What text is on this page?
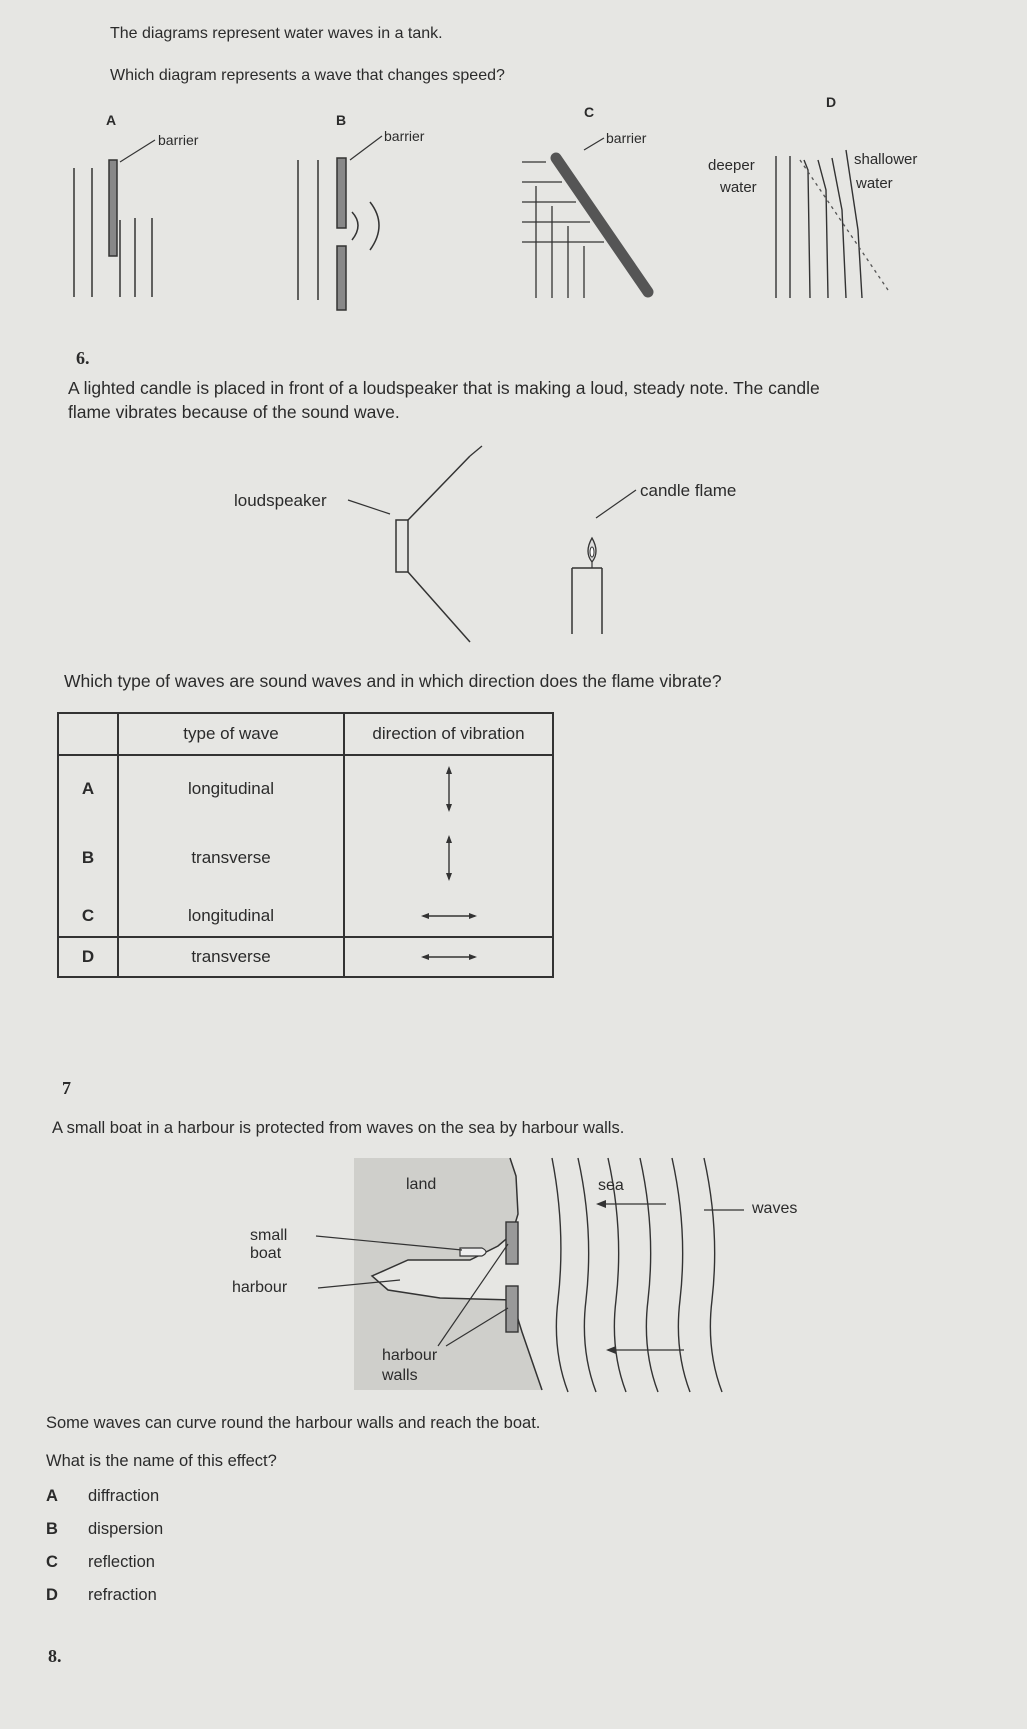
The diagrams represent water waves in a tank.
Which diagram represents a wave that changes speed?
A
barrier
B
barrier
C
barrier
D
deeper
water
shallower
water
6.
A lighted candle is placed in front of a loudspeaker that is making a loud, steady note. The candle
flame vibrates because of the sound wave.
loudspeaker
candle flame
Which type of waves are sound waves and in which direction does the flame vibrate?
	type of wave	direction of vibration
A	longitudinal	

B	transverse	

C	longitudinal	

D	transverse	
7
A small boat in a harbour is protected from waves on the sea by harbour walls.
land	sea
waves
small
boat
harbour
harbour
walls
Some waves can curve round the harbour walls and reach the boat.
What is the name of this effect?
A diffraction
B dispersion
C reflection
D refraction
8.
